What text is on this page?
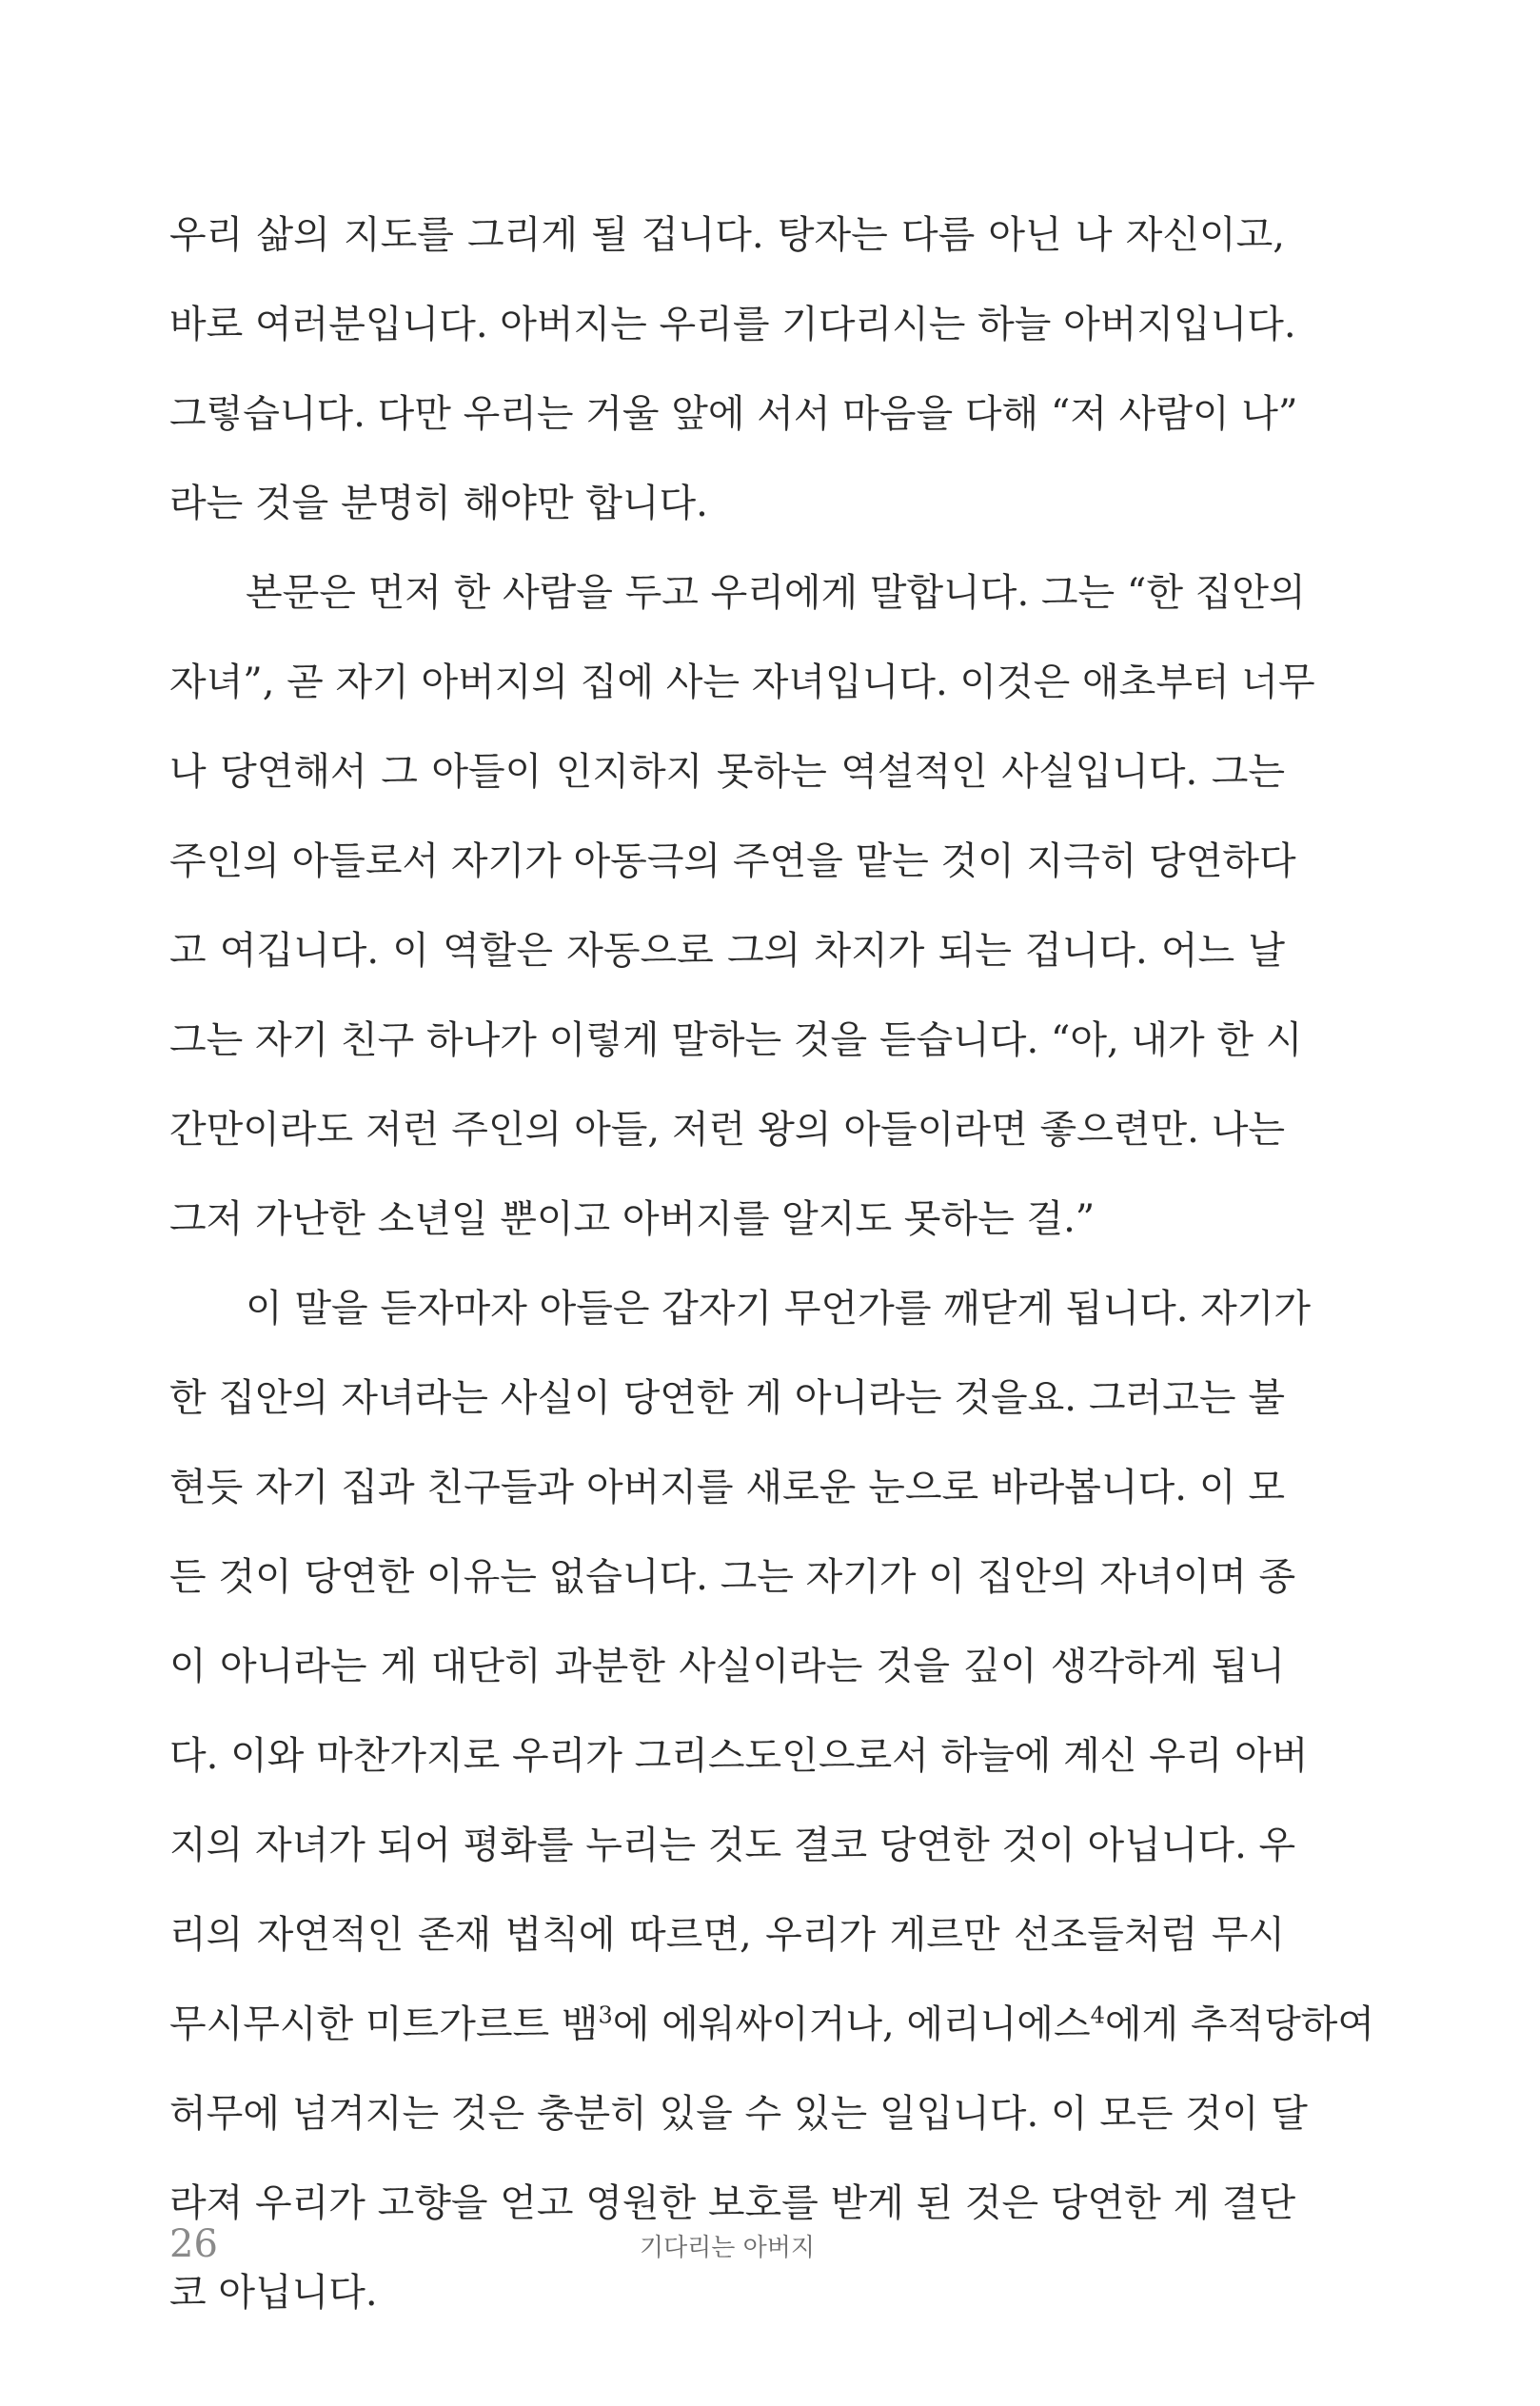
우리 삶의 지도를 그리게 될 겁니다. 탕자는 다름 아닌 나 자신이고,
바로 여러분입니다. 아버지는 우리를 기다리시는 하늘 아버지입니다.
그렇습니다. 다만 우리는 거울 앞에 서서 마음을 다해 “저 사람이 나”
라는 것을 분명히 해야만 합니다.
본문은 먼저 한 사람을 두고 우리에게 말합니다. 그는 “한 집안의
자녀”, 곧 자기 아버지의 집에 사는 자녀입니다. 이것은 애초부터 너무
나 당연해서 그 아들이 인지하지 못하는 역설적인 사실입니다. 그는
주인의 아들로서 자기가 아동극의 주연을 맡는 것이 지극히 당연하다
고 여깁니다. 이 역할은 자동으로 그의 차지가 되는 겁니다. 어느 날
그는 자기 친구 하나가 이렇게 말하는 것을 듣습니다. “아, 내가 한 시
간만이라도 저런 주인의 아들, 저런 왕의 아들이라면 좋으련만. 나는
그저 가난한 소년일 뿐이고 아버지를 알지도 못하는 걸.”
이 말을 듣자마자 아들은 갑자기 무언가를 깨닫게 됩니다. 자기가
한 집안의 자녀라는 사실이 당연한 게 아니라는 것을요. 그러고는 불
현듯 자기 집과 친구들과 아버지를 새로운 눈으로 바라봅니다. 이 모
든 것이 당연한 이유는 없습니다. 그는 자기가 이 집안의 자녀이며 종
이 아니라는 게 대단히 과분한 사실이라는 것을 깊이 생각하게 됩니
다. 이와 마찬가지로 우리가 그리스도인으로서 하늘에 계신 우리 아버
지의 자녀가 되어 평화를 누리는 것도 결코 당연한 것이 아닙니다. 우
리의 자연적인 존재 법칙에 따르면, 우리가 게르만 선조들처럼 무시
무시무시한 미트가르트 뱀$^3$에 에워싸이거나, 에리니에스$^4$에게 추적당하여
허무에 넘겨지는 것은 충분히 있을 수 있는 일입니다. 이 모든 것이 달
라져 우리가 고향을 얻고 영원한 보호를 받게 된 것은 당연한 게 결단
코 아닙니다.
26	기다리는 아버지
